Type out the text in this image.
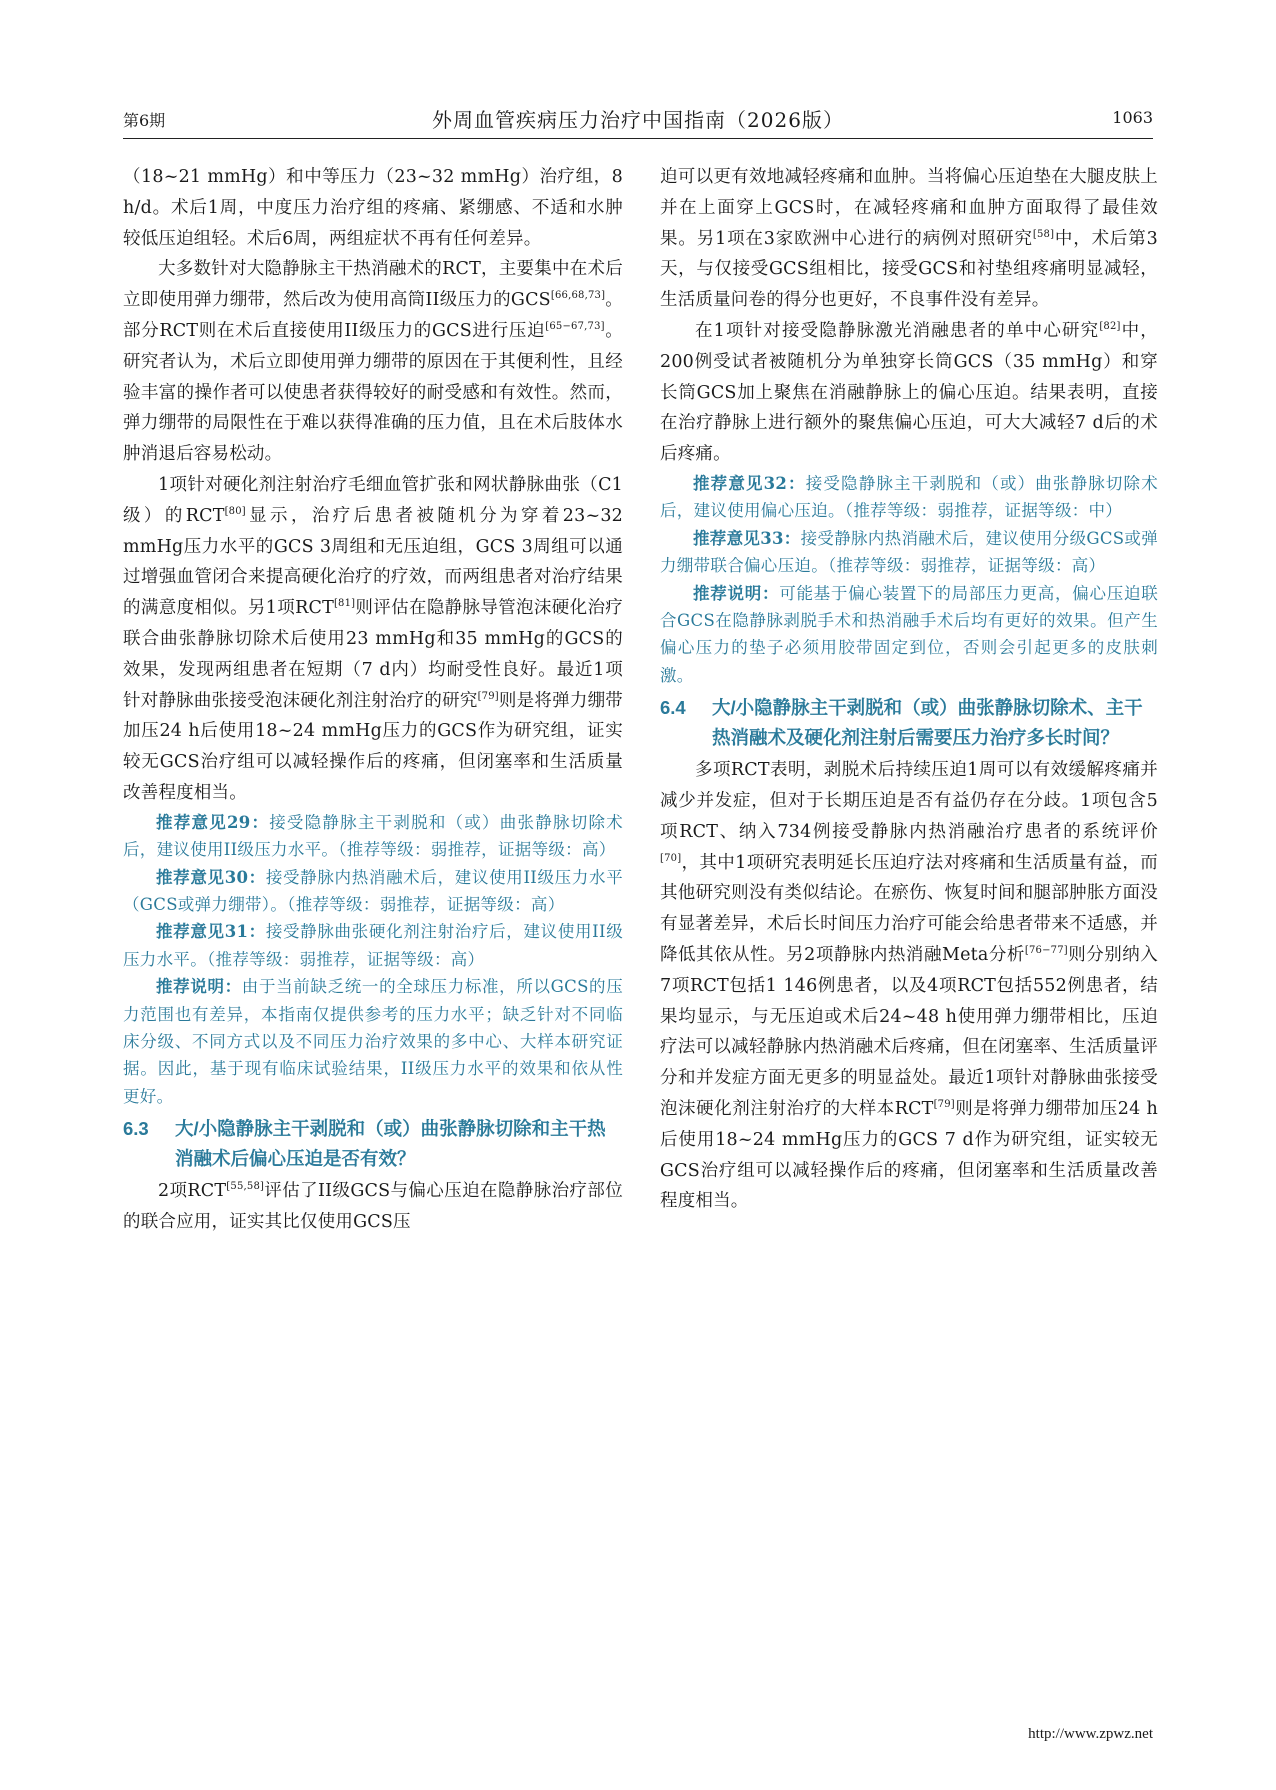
第6期	外周血管疾病压力治疗中国指南（2026版）	1063

（18~21 mmHg）和中等压力（23~32 mmHg）治疗组，8 h/d。术后1周，中度压力治疗组的疼痛、紧绷感、不适和水肿较低压迫组轻。术后6周，两组症状不再有任何差异。

大多数针对大隐静脉主干热消融术的RCT，主要集中在术后立即使用弹力绷带，然后改为使用高筒II级压力的GCS[66,68,73]。部分RCT则在术后直接使用II级压力的GCS进行压迫[65−67,73]。研究者认为，术后立即使用弹力绷带的原因在于其便利性，且经验丰富的操作者可以使患者获得较好的耐受感和有效性。然而，弹力绷带的局限性在于难以获得准确的压力值，且在术后肢体水肿消退后容易松动。

1项针对硬化剂注射治疗毛细血管扩张和网状静脉曲张（C1级）的RCT[80]显示，治疗后患者被随机分为穿着23~32 mmHg压力水平的GCS 3周组和无压迫组，GCS 3周组可以通过增强血管闭合来提高硬化治疗的疗效，而两组患者对治疗结果的满意度相似。另1项RCT[81]则评估在隐静脉导管泡沫硬化治疗联合曲张静脉切除术后使用23 mmHg和35 mmHg的GCS的效果，发现两组患者在短期（7 d内）均耐受性良好。最近1项针对静脉曲张接受泡沫硬化剂注射治疗的研究[79]则是将弹力绷带加压24 h后使用18~24 mmHg压力的GCS作为研究组，证实较无GCS治疗组可以减轻操作后的疼痛，但闭塞率和生活质量改善程度相当。

推荐意见29：接受隐静脉主干剥脱和（或）曲张静脉切除术后，建议使用II级压力水平。（推荐等级：弱推荐，证据等级：高）

推荐意见30：接受静脉内热消融术后，建议使用II级压力水平（GCS或弹力绷带）。（推荐等级：弱推荐，证据等级：高）

推荐意见31：接受静脉曲张硬化剂注射治疗后，建议使用II级压力水平。（推荐等级：弱推荐，证据等级：高）

推荐说明：由于当前缺乏统一的全球压力标准，所以GCS的压力范围也有差异，本指南仅提供参考的压力水平；缺乏针对不同临床分级、不同方式以及不同压力治疗效果的多中心、大样本研究证据。因此，基于现有临床试验结果，II级压力水平的效果和依从性更好。

6.3 大/小隐静脉主干剥脱和（或）曲张静脉切除和主干热消融术后偏心压迫是否有效？

2项RCT[55,58]评估了II级GCS与偏心压迫在隐静脉治疗部位的联合应用，证实其比仅使用GCS压

迫可以更有效地减轻疼痛和血肿。当将偏心压迫垫在大腿皮肤上并在上面穿上GCS时，在减轻疼痛和血肿方面取得了最佳效果。另1项在3家欧洲中心进行的病例对照研究[58]中，术后第3天，与仅接受GCS组相比，接受GCS和衬垫组疼痛明显减轻，生活质量问卷的得分也更好，不良事件没有差异。

在1项针对接受隐静脉激光消融患者的单中心研究[82]中，200例受试者被随机分为单独穿长筒GCS（35 mmHg）和穿长筒GCS加上聚焦在消融静脉上的偏心压迫。结果表明，直接在治疗静脉上进行额外的聚焦偏心压迫，可大大减轻7 d后的术后疼痛。

推荐意见32：接受隐静脉主干剥脱和（或）曲张静脉切除术后，建议使用偏心压迫。（推荐等级：弱推荐，证据等级：中）

推荐意见33：接受静脉内热消融术后，建议使用分级GCS或弹力绷带联合偏心压迫。（推荐等级：弱推荐，证据等级：高）

推荐说明：可能基于偏心装置下的局部压力更高，偏心压迫联合GCS在隐静脉剥脱手术和热消融手术后均有更好的效果。但产生偏心压力的垫子必须用胶带固定到位，否则会引起更多的皮肤刺激。

6.4 大/小隐静脉主干剥脱和（或）曲张静脉切除术、主干热消融术及硬化剂注射后需要压力治疗多长时间？

多项RCT表明，剥脱术后持续压迫1周可以有效缓解疼痛并减少并发症，但对于长期压迫是否有益仍存在分歧。1项包含5项RCT、纳入734例接受静脉内热消融治疗患者的系统评价[70]，其中1项研究表明延长压迫疗法对疼痛和生活质量有益，而其他研究则没有类似结论。在瘀伤、恢复时间和腿部肿胀方面没有显著差异，术后长时间压力治疗可能会给患者带来不适感，并降低其依从性。另2项静脉内热消融Meta分析[76−77]则分别纳入7项RCT包括1 146例患者，以及4项RCT包括552例患者，结果均显示，与无压迫或术后24~48 h使用弹力绷带相比，压迫疗法可以减轻静脉内热消融术后疼痛，但在闭塞率、生活质量评分和并发症方面无更多的明显益处。最近1项针对静脉曲张接受泡沫硬化剂注射治疗的大样本RCT[79]则是将弹力绷带加压24 h后使用18~24 mmHg压力的GCS 7 d作为研究组，证实较无GCS治疗组可以减轻操作后的疼痛，但闭塞率和生活质量改善程度相当。

http://www.zpwz.net
